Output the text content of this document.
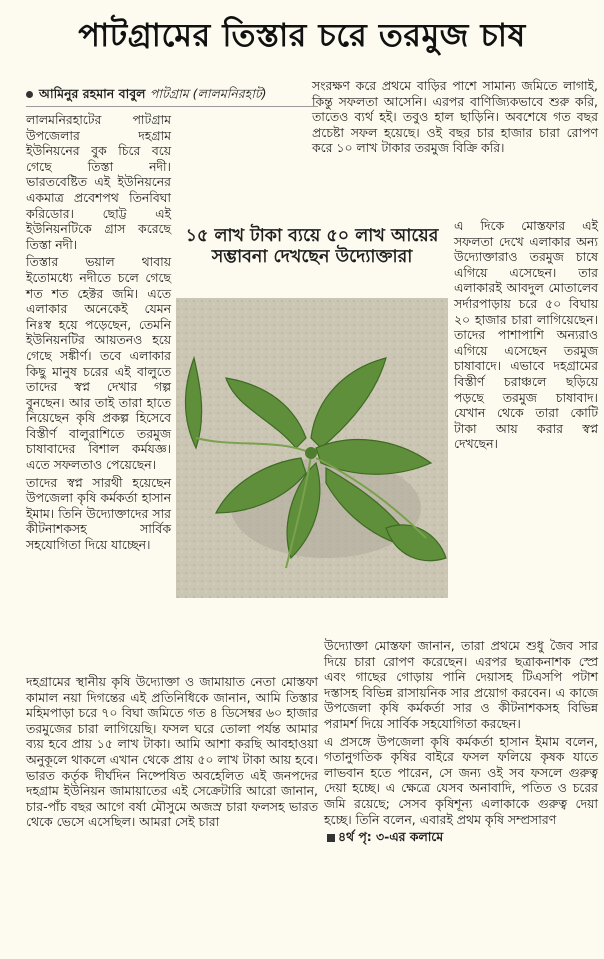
পাটগ্রামের তিস্তার চরে তরমুজ চাষ
আমিনুর রহমান বাবুল পাটগ্রাম (লালমনিরহাট)

লালমনিরহাটের পাটগ্রাম উপজেলার দহগ্রাম ইউনিয়নের বুক চিরে বয়ে গেছে তিস্তা নদী। ভারতবেষ্টিত এই ইউনিয়নের একমাত্র প্রবেশপথ তিনবিঘা করিডোর। ছোট্ট এই ইউনিয়নটিকে গ্রাস করেছে তিস্তা নদী।

তিস্তার ভয়াল থাবায় ইতোমধ্যে নদীতে চলে গেছে শত শত হেক্টর জমি। এতে এলাকার অনেকেই যেমন নিঃস্ব হয়ে পড়েছেন, তেমনি ইউনিয়নটির আয়তনও হয়ে গেছে সঙ্কীর্ণ। তবে এলাকার কিছু মানুষ চরের এই বালুতে তাদের স্বপ্ন দেখার গল্প বুনছেন। আর তাই তারা হাতে নিয়েছেন কৃষি প্রকল্প হিসেবে বিস্তীর্ণ বালুরাশিতে তরমুজ চাষাবাদের বিশাল কর্মযজ্ঞ। এতে সফলতাও পেয়েছেন।

তাদের স্বপ্ন সারথী হয়েছেন উপজেলা কৃষি কর্মকর্তা হাসান ইমাম। তিনি উদ্যোক্তাদের সার কীটনাশকসহ সার্বিক সহযোগিতা দিয়ে যাচ্ছেন।

দহগ্রামের স্থানীয় কৃষি উদ্যোক্তা ও জামায়াত নেতা মোস্তফা কামাল নয়া দিগন্তের এই প্রতিনিধিকে জানান, আমি তিস্তার মহিমপাড়া চরে ৭০ বিঘা জমিতে গত ৪ ডিসেম্বর ৬০ হাজার তরমুজের চারা লাগিয়েছি। ফসল ঘরে তোলা পর্যন্ত আমার ব্যয় হবে প্রায় ১৫ লাখ টাকা। আমি আশা করছি আবহাওয়া অনুকূলে থাকলে এখান থেকে প্রায় ৫০ লাখ টাকা আয় হবে। ভারত কর্তৃক দীর্ঘদিন নিষ্পেষিত অবহেলিত এই জনপদের দহগ্রাম ইউনিয়ন জামায়াতের এই সেক্রেটারি আরো জানান, চার-পাঁচ বছর আগে বর্ষা মৌসুমে অজস্র চারা ফলসহ ভারত থেকে ভেসে এসেছিল। আমরা সেই চারা

১৫ লাখ টাকা ব্যয়ে ৫০ লাখ আয়ের সম্ভাবনা দেখছেন উদ্যোক্তারা

সংরক্ষণ করে প্রথমে বাড়ির পাশে সামান্য জমিতে লাগাই, কিন্তু সফলতা আসেনি। এরপর বাণিজ্যিকভাবে শুরু করি, তাতেও ব্যর্থ হই। তবুও হাল ছাড়িনি। অবশেষে গত বছর প্রচেষ্টা সফল হয়েছে। ওই বছর চার হাজার চারা রোপণ করে ১০ লাখ টাকার তরমুজ বিক্রি করি।

এ দিকে মোস্তফার এই সফলতা দেখে এলাকার অন্য উদ্যোক্তারাও তরমুজ চাষে এগিয়ে এসেছেন। তার এলাকারই আবদুল মোতালেব সর্দারপাড়ায় চরে ৫০ বিঘায় ২০ হাজার চারা লাগিয়েছেন। তাদের পাশাপাশি অন্যরাও এগিয়ে এসেছেন তরমুজ চাষাবাদে। এভাবে দহগ্রামের বিস্তীর্ণ চরাঞ্চলে ছড়িয়ে পড়ছে তরমুজ চাষাবাদ। যেখান থেকে তারা কোটি টাকা আয় করার স্বপ্ন দেখছেন।

উদ্যোক্তা মোস্তফা জানান, তারা প্রথমে শুধু জৈব সার দিয়ে চারা রোপণ করেছেন। এরপর ছত্রাকনাশক স্প্রে এবং গাছের গোড়ায় পানি দেয়াসহ টিএসপি পটাশ দস্তাসহ বিভিন্ন রাসায়নিক সার প্রয়োগ করবেন। এ কাজে উপজেলা কৃষি কর্মকর্তা সার ও কীটনাশকসহ বিভিন্ন পরামর্শ দিয়ে সার্বিক সহযোগিতা করছেন।

এ প্রসঙ্গে উপজেলা কৃষি কর্মকর্তা হাসান ইমাম বলেন, গতানুগতিক কৃষির বাইরে ফসল ফলিয়ে কৃষক যাতে লাভবান হতে পারেন, সে জন্য ওই সব ফসলে গুরুত্ব দেয়া হচ্ছে। এ ক্ষেত্রে যেসব অনাবাদি, পতিত ও চরের জমি রয়েছে; সেসব কৃষিশূন্য এলাকাকে গুরুত্ব দেয়া হচ্ছে। তিনি বলেন, এবারই প্রথম কৃষি সম্প্রসারণ

৪র্থ পৃ: ৩-এর কলামে
